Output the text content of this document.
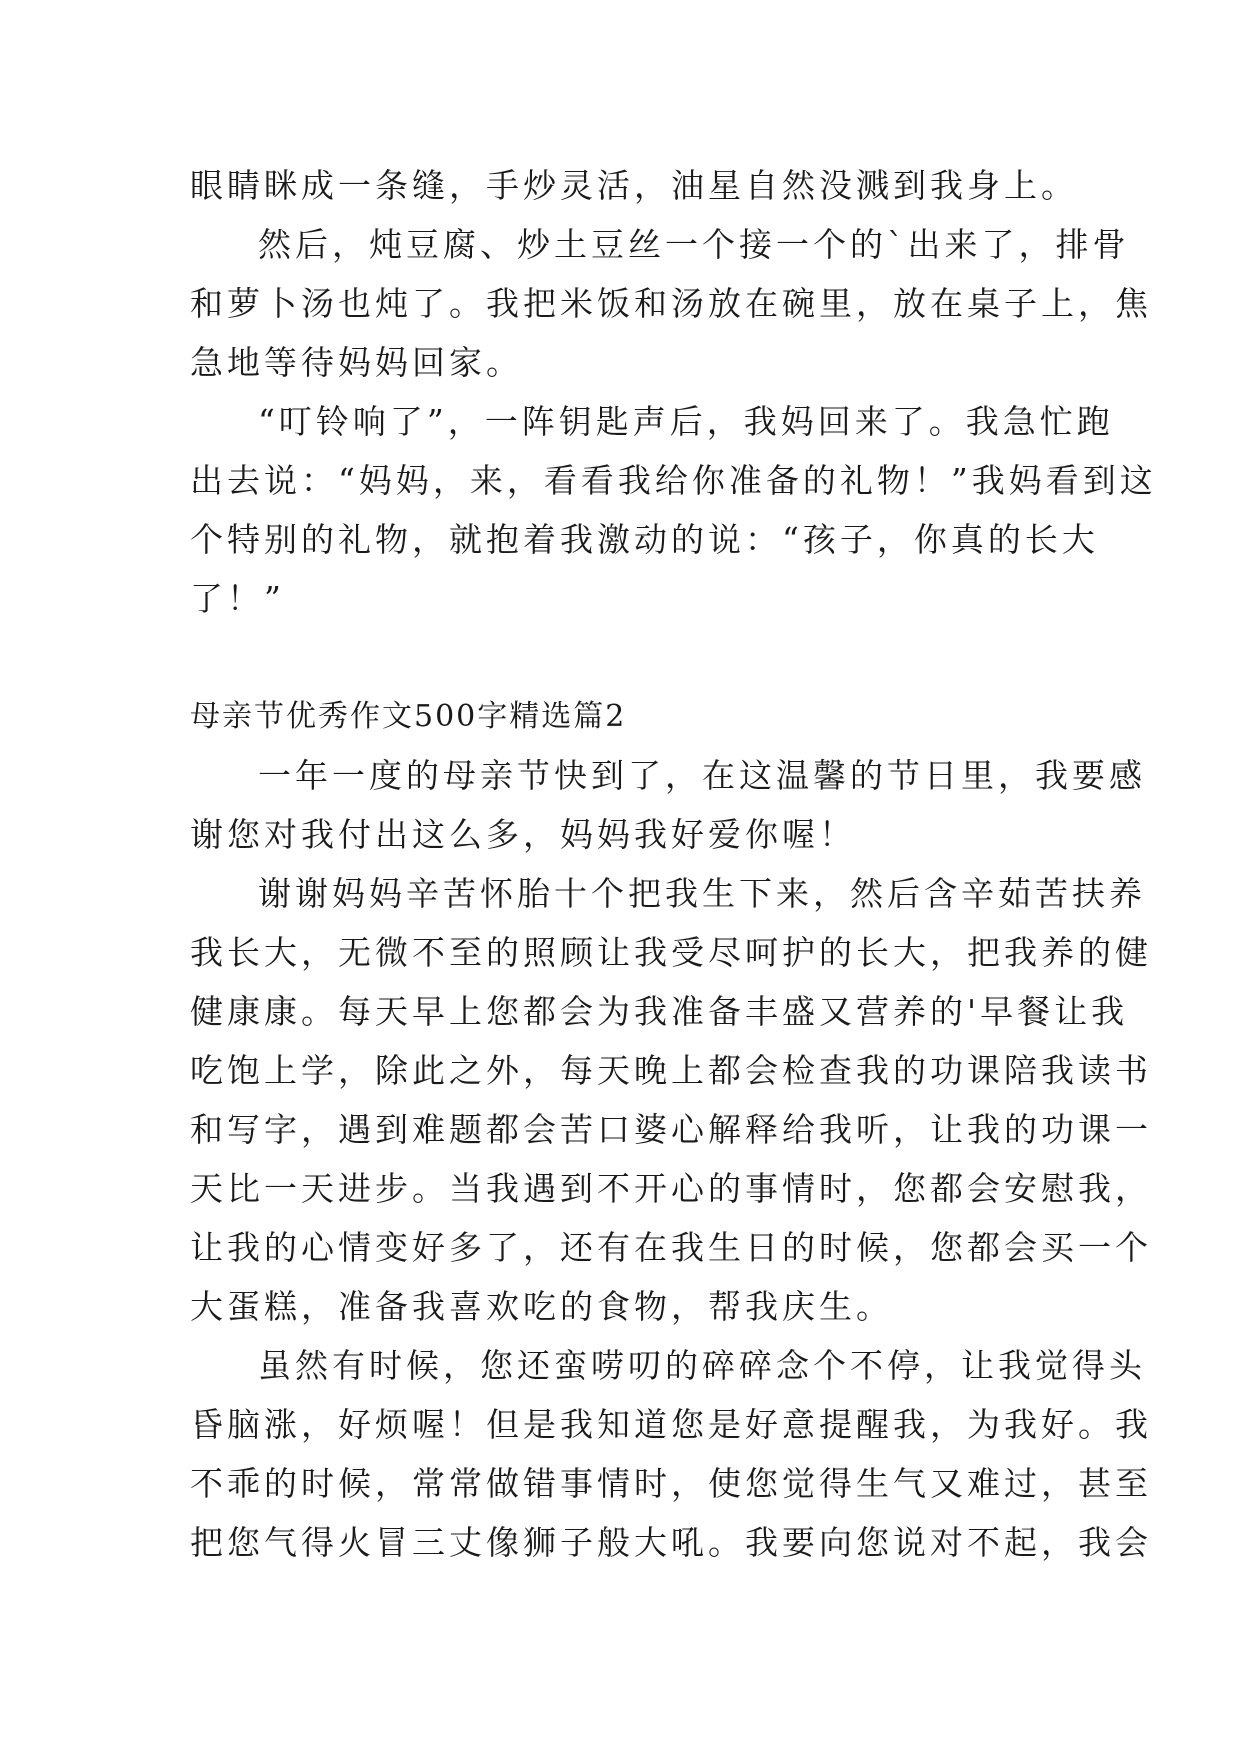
眼睛眯成一条缝，手炒灵活，油星自然没溅到我身上。

然后，炖豆腐、炒土豆丝一个接一个的`出来了，排骨

和萝卜汤也炖了。我把米饭和汤放在碗里，放在桌子上，焦

急地等待妈妈回家。

“叮铃响了”，一阵钥匙声后，我妈回来了。我急忙跑

出去说：“妈妈，来，看看我给你准备的礼物！”我妈看到这

个特别的礼物，就抱着我激动的说：“孩子，你真的长大

了！”

母亲节优秀作文500字精选篇2

一年一度的母亲节快到了，在这温馨的节日里，我要感

谢您对我付出这么多，妈妈我好爱你喔！

谢谢妈妈辛苦怀胎十个把我生下来，然后含辛茹苦扶养

我长大，无微不至的照顾让我受尽呵护的长大，把我养的健

健康康。每天早上您都会为我准备丰盛又营养的'早餐让我

吃饱上学，除此之外，每天晚上都会检查我的功课陪我读书

和写字，遇到难题都会苦口婆心解释给我听，让我的功课一

天比一天进步。当我遇到不开心的事情时，您都会安慰我，

让我的心情变好多了，还有在我生日的时候，您都会买一个

大蛋糕，准备我喜欢吃的食物，帮我庆生。

虽然有时候，您还蛮唠叨的碎碎念个不停，让我觉得头

昏脑涨，好烦喔！但是我知道您是好意提醒我，为我好。我

不乖的时候，常常做错事情时，使您觉得生气又难过，甚至

把您气得火冒三丈像狮子般大吼。我要向您说对不起，我会
